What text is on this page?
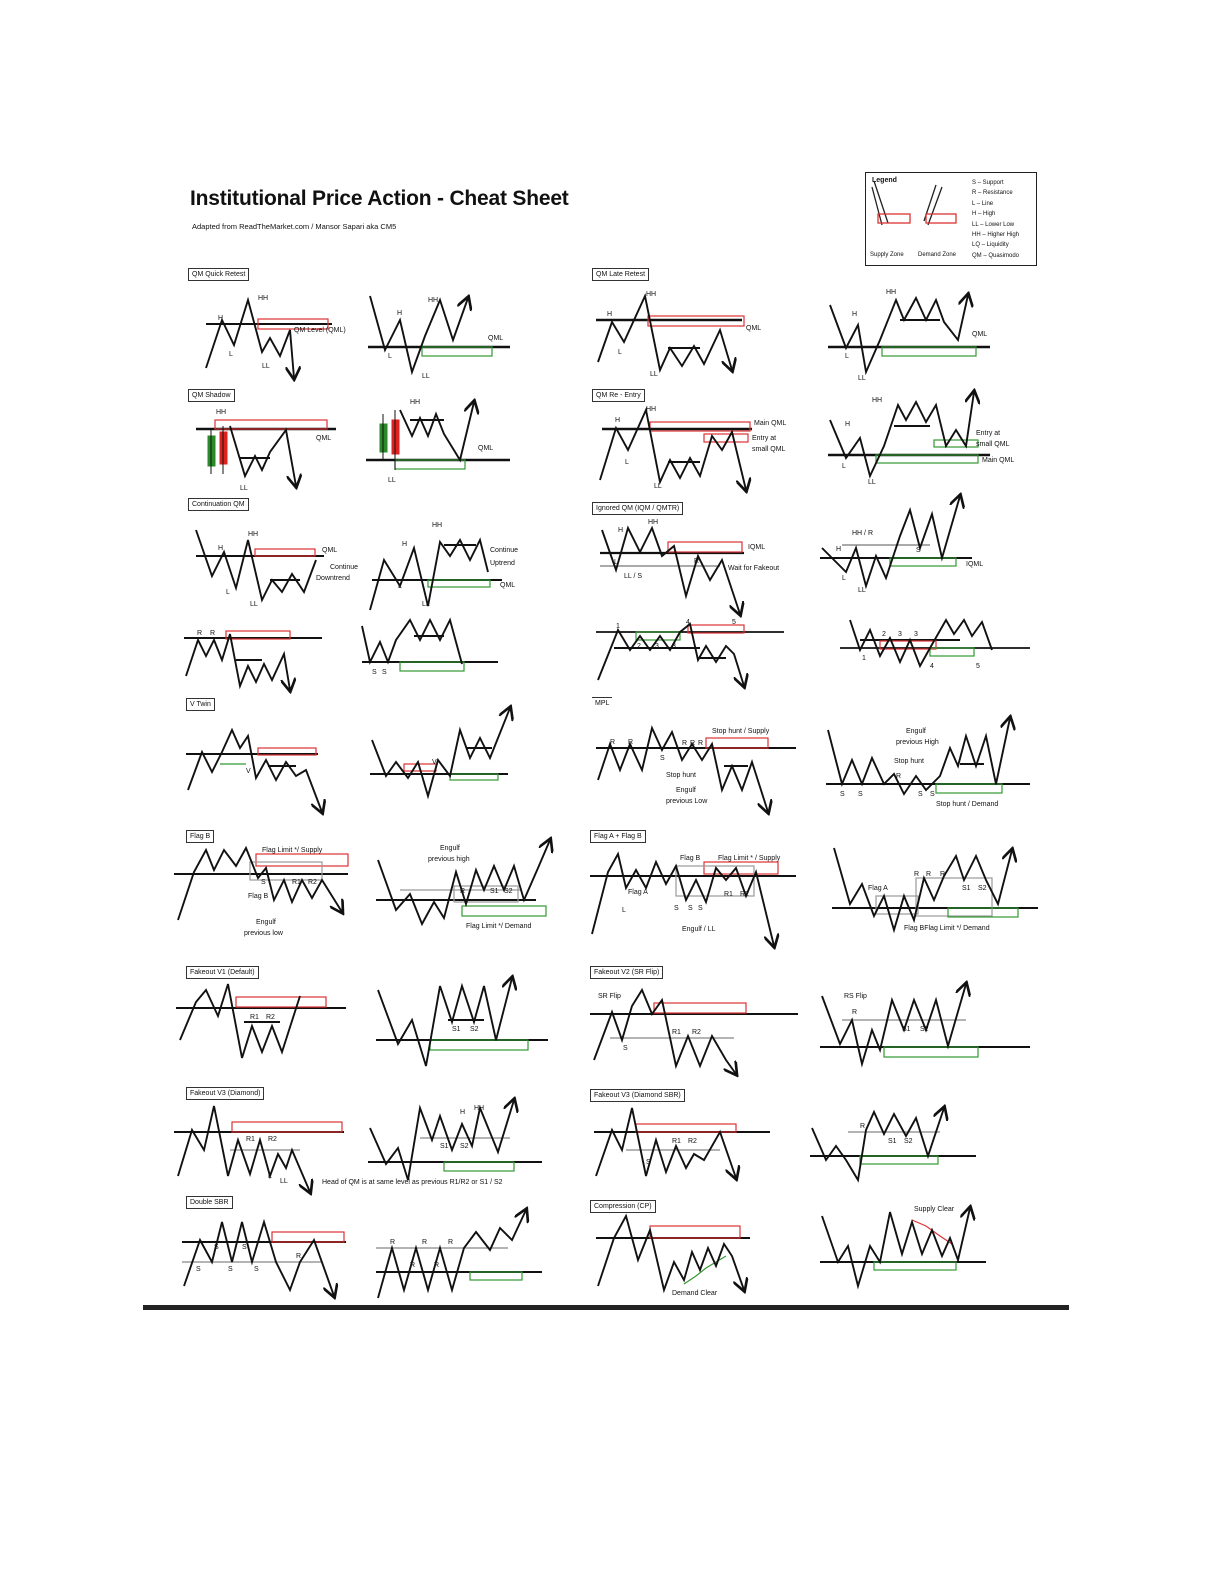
Institutional Price Action - Cheat Sheet
Adapted from ReadTheMarket.com / Mansor Sapari aka CM5
Legend
Supply Zone Demand Zone
S – Support
R – Resistance
L – Line
H – High
LL – Lower Low
HH – Higher High
LQ – Liquidity
QM – Quasimodo
QM Quick Retest	QM Late Retest
QM Shadow	QM Re - Entry
Continuation QM
Ignored QM (IQM / QMTR)
V Twin	MPL
Flag B	Flag A + Flag B
Fakeout V1 (Default)	Fakeout V2 (SR Flip)
Fakeout V3 (Diamond)	Fakeout V3 (Diamond SBR)
Double SBR
Compression (CP)
H
HH
L
LL
QM Level (QML)
H
HH
L
LL
QML
H
HH
L
LL
QML
H
HH
L
LL
QML
HH
LL
QML
HH
LL
QML
H
HH
L
LL
Main QML
Entry at
small QML
HH
H
L
LL
Entry at
small QML
Main QML
H
HH
L
LL
QML
Continue
Downtrend
H
HH
L
LL
Continue
Uptrend
QML
H
HH
L
LL / S
R
IQML
Wait for Fakeout
HH / R
H
L
LL
S
IQML
R R
S S
1
2 3 3
4	5
1
2 3 3
4	5
V
V
R R
S
R R R
Stop hunt / Supply
Stop hunt
Engulf
previous Low
Engulf
previous High
Stop hunt
R
S S	S S
Stop hunt / Demand
Flag Limit */ Supply
S	R1 R2
Flag B
Engulf
previous low
Engulf
previous high
R	S1 S2
Flag Limit */ Demand
Flag B	Flag Limit * / Supply
Flag A
L	S S S
R1 R2
Engulf / LL
Flag A
R R R
S1 S2
Flag BFlag Limit */ Demand
R1 R2
S1 S2
SR Flip
S
R1 R2
RS Flip
R
S1 S2
R1 R2
L
LL	Head of QM is at same level as previous R1/R2 or S1 / S2
H
HH
S1 S2
R1 R2
S
R
S1 S2
S	S
S	S	S
R
R	R	R
R	R
Demand Clear
Supply Clear
